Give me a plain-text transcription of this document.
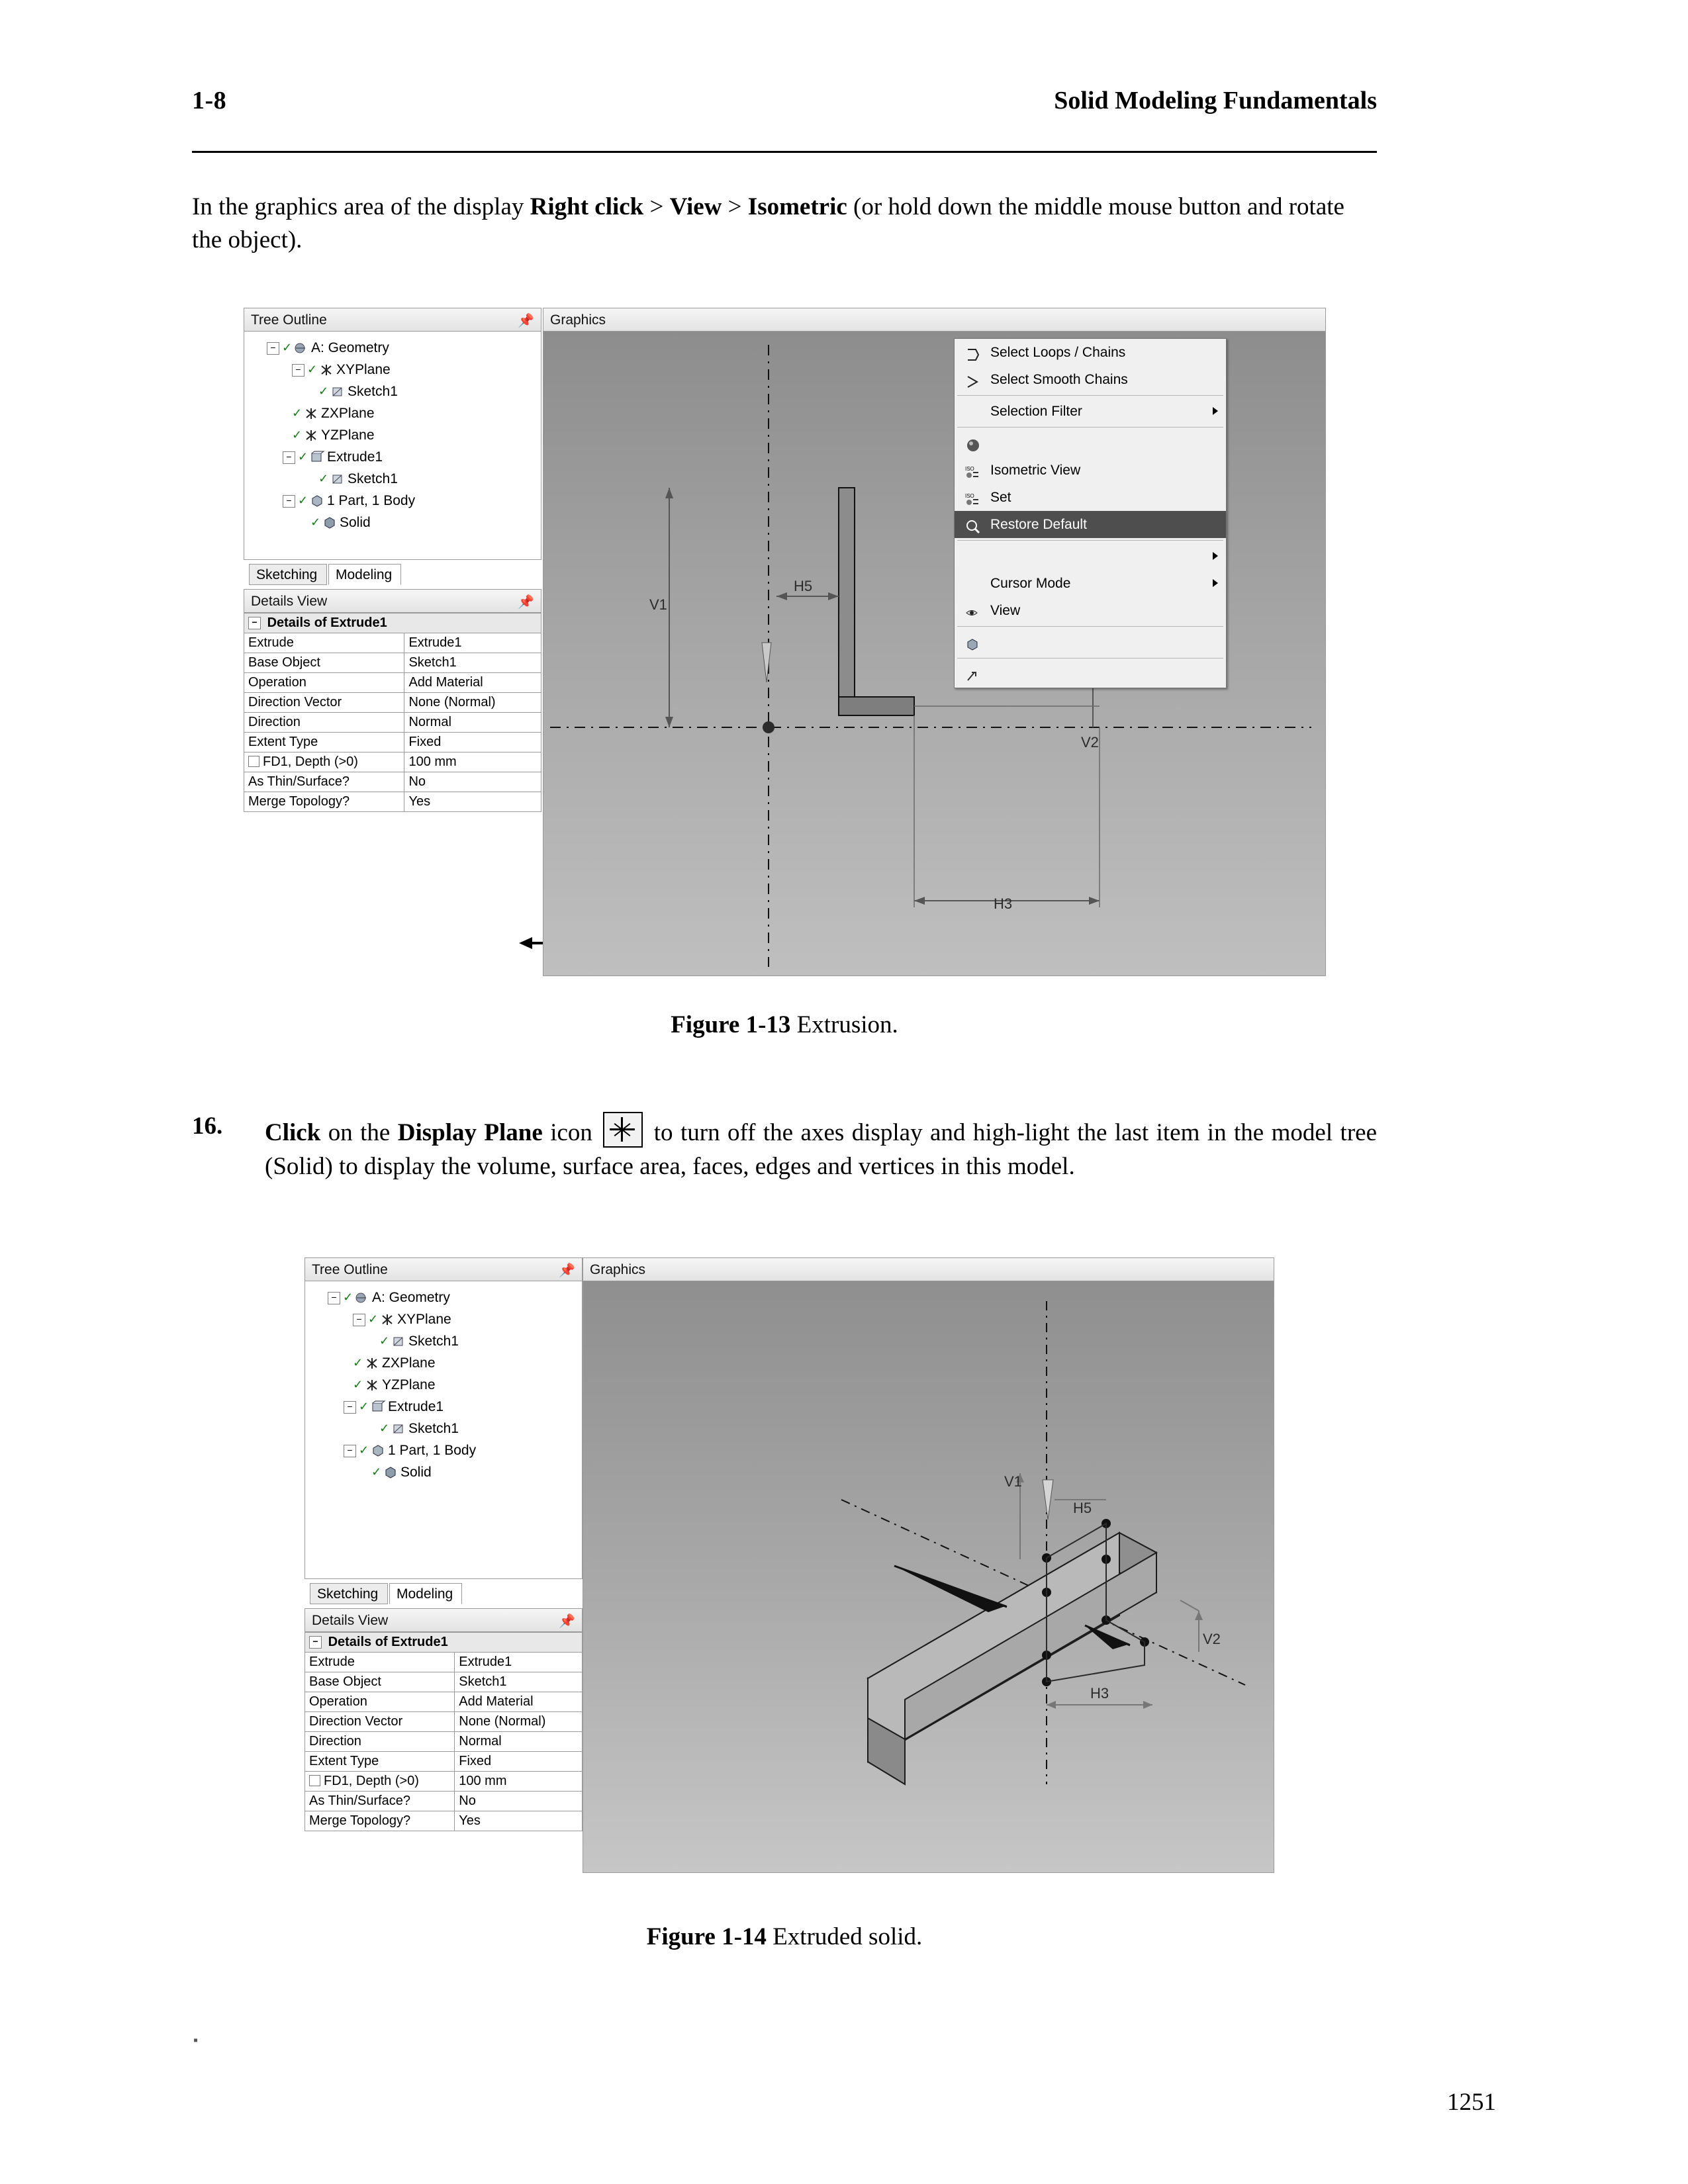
1-8	Solid Modeling Fundamentals
In the graphics area of the display Right click > View > Isometric (or hold down the middle mouse button and rotate the object).
Tree Outline	📌
− ✓ A: Geometry
− ✓ XYPlane
✓ Sketch1
✓ ZXPlane
✓ YZPlane
− ✓ Extrude1
✓ Sketch1
− ✓ 1 Part, 1 Body
✓ Solid
Sketching	Modeling
Details View	📌
− Details of Extrude1	
Extrude	Extrude1
Base Object	Sketch1
Operation	Add Material
Direction Vector	None (Normal)
Direction	Normal
Extent Type	Fixed
FD1, Depth (>0)	100 mm
As Thin/Surface?	No
Merge Topology?	Yes
Graphics
V1
H5
V2
H3
Select Loops / Chains
Select Smooth Chains
Selection Filter
ISO Isometric View
ISO Set
Restore Default
Cursor Mode
View
Figure 1-13 Extrusion.
16. Click on the Display Plane icon
to turn off the axes display and high-light the last item in the model tree (Solid) to display the volume, surface area, faces, edges and vertices in this model.
Tree Outline	📌
− ✓ A: Geometry
− ✓ XYPlane
✓ Sketch1
✓ ZXPlane
✓ YZPlane
− ✓ Extrude1
✓ Sketch1
− ✓ 1 Part, 1 Body
✓ Solid
Sketching	Modeling
Details View	📌
− Details of Extrude1	
Extrude	Extrude1
Base Object	Sketch1
Operation	Add Material
Direction Vector	None (Normal)
Direction	Normal
Extent Type	Fixed
FD1, Depth (>0)	100 mm
As Thin/Surface?	No
Merge Topology?	Yes
Graphics
V1
H5
H3
V2
Figure 1-14 Extruded solid.
▪
1251
